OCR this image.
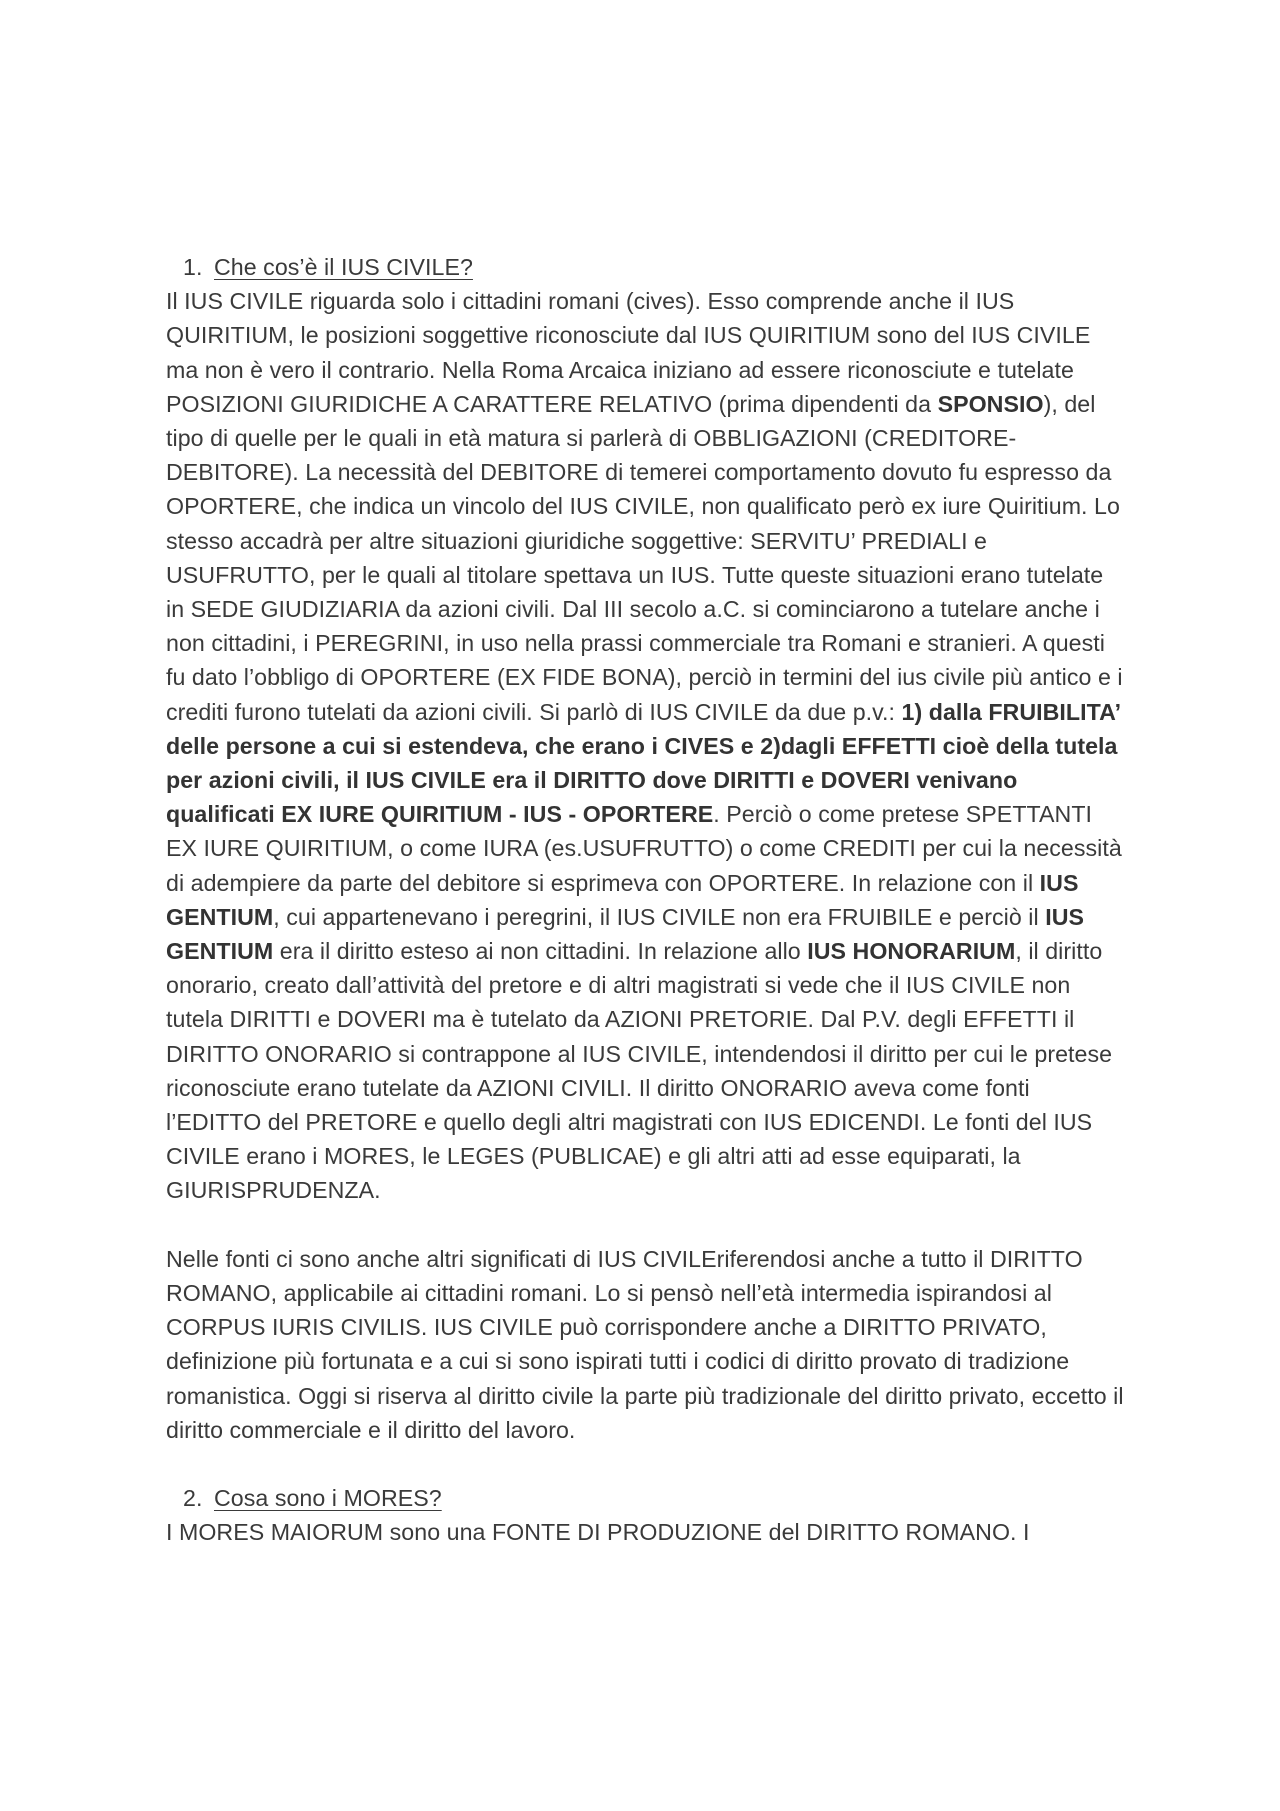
1. Che cos’è il IUS CIVILE?

Il IUS CIVILE riguarda solo i cittadini romani (cives). Esso comprende anche il IUS QUIRITIUM, le posizioni soggettive riconosciute dal IUS QUIRITIUM sono del IUS CIVILE ma non è vero il contrario. Nella Roma Arcaica iniziano ad essere riconosciute e tutelate POSIZIONI GIURIDICHE A CARATTERE RELATIVO (prima dipendenti da SPONSIO), del tipo di quelle per le quali in età matura si parlerà di OBBLIGAZIONI (CREDITORE-DEBITORE). La necessità del DEBITORE di temerei comportamento dovuto fu espresso da OPORTERE, che indica un vincolo del IUS CIVILE, non qualificato però ex iure Quiritium. Lo stesso accadrà per altre situazioni giuridiche soggettive: SERVITU’ PREDIALI e USUFRUTTO, per le quali al titolare spettava un IUS. Tutte queste situazioni erano tutelate in SEDE GIUDIZIARIA da azioni civili. Dal III secolo a.C. si cominciarono a tutelare anche i non cittadini, i PEREGRINI, in uso nella prassi commerciale tra Romani e stranieri. A questi fu dato l’obbligo di OPORTERE (EX FIDE BONA), perciò in termini del ius civile più antico e i crediti furono tutelati da azioni civili. Si parlò di IUS CIVILE da due p.v.: 1) dalla FRUIBILITA’ delle persone a cui si estendeva, che erano i CIVES e 2)dagli EFFETTI cioè della tutela per azioni civili, il IUS CIVILE era il DIRITTO dove DIRITTI e DOVERI venivano qualificati EX IURE QUIRITIUM - IUS - OPORTERE. Perciò o come pretese SPETTANTI EX IURE QUIRITIUM, o come IURA (es.USUFRUTTO) o come CREDITI per cui la necessità di adempiere da parte del debitore si esprimeva con OPORTERE. In relazione con il IUS GENTIUM, cui appartenevano i peregrini, il IUS CIVILE non era FRUIBILE e perciò il IUS GENTIUM era il diritto esteso ai non cittadini. In relazione allo IUS HONORARIUM, il diritto onorario, creato dall’attività del pretore e di altri magistrati si vede che il IUS CIVILE non tutela DIRITTI e DOVERI ma è tutelato da AZIONI PRETORIE. Dal P.V. degli EFFETTI il DIRITTO ONORARIO si contrappone al IUS CIVILE, intendendosi il diritto per cui le pretese riconosciute erano tutelate da AZIONI CIVILI. Il diritto ONORARIO aveva come fonti l’EDITTO del PRETORE e quello degli altri magistrati con IUS EDICENDI. Le fonti del IUS CIVILE erano i MORES, le LEGES (PUBLICAE) e gli altri atti ad esse equiparati, la GIURISPRUDENZA.

Nelle fonti ci sono anche altri significati di IUS CIVILEriferendosi anche a tutto il DIRITTO ROMANO, applicabile ai cittadini romani. Lo si pensò nell’età intermedia ispirandosi al CORPUS IURIS CIVILIS. IUS CIVILE può corrispondere anche a DIRITTO PRIVATO, definizione più fortunata e a cui si sono ispirati tutti i codici di diritto provato di tradizione romanistica. Oggi si riserva al diritto civile la parte più tradizionale del diritto privato, eccetto il diritto commerciale e il diritto del lavoro.

2. Cosa sono i MORES?

I MORES MAIORUM sono una FONTE DI PRODUZIONE del DIRITTO ROMANO. I
